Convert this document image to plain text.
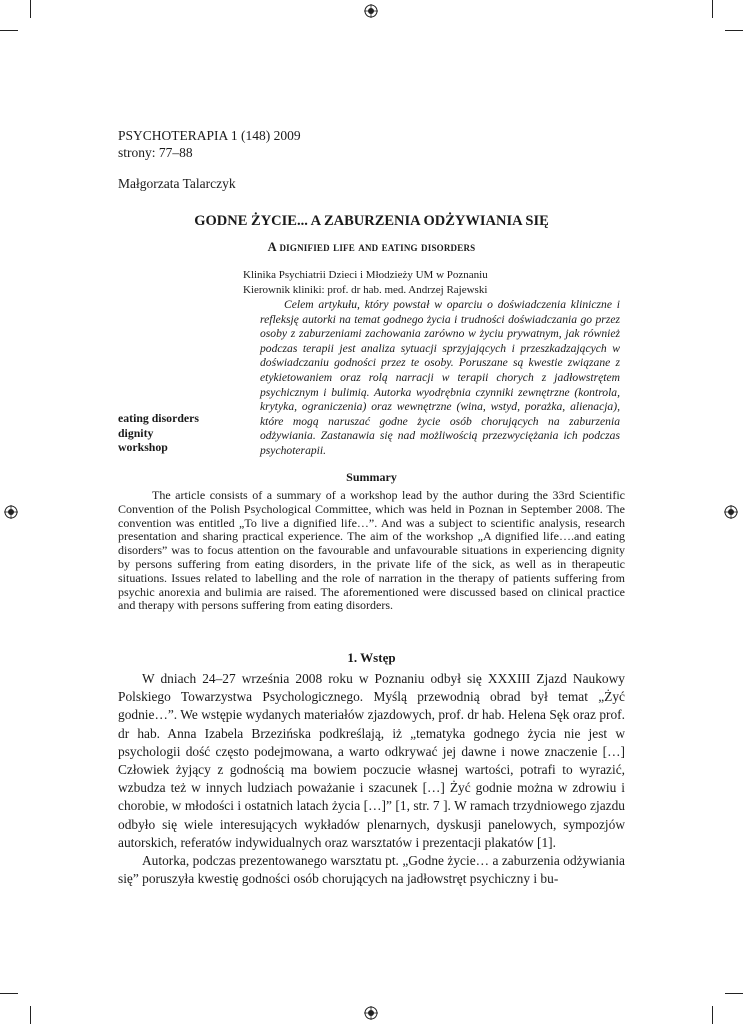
PSYCHOTERAPIA 1 (148) 2009
strony: 77–88
Małgorzata Talarczyk
GODNE ŻYCIE... A ZABURZENIA ODŻYWIANIA SIĘ
A dignified life and eating disorders
Klinika Psychiatrii Dzieci i Młodzieży UM w Poznaniu
Kierownik kliniki: prof. dr hab. med. Andrzej Rajewski
Celem artykułu, który powstał w oparciu o doświadczenia kliniczne i refleksję autorki na temat godnego życia i trudności doświadczania go przez osoby z zaburzeniami zachowania zarówno w życiu prywatnym, jak również podczas terapii jest analiza sytuacji sprzyjających i przeszkadzających w doświadczaniu godności przez te osoby. Poruszane są kwestie związane z etykietowaniem oraz rolą narracji w terapii chorych z jadłowstrętem psychicznym i bulimią. Autorka wyodrębnia czynniki zewnętrzne (kontrola, krytyka, ograniczenia) oraz wewnętrzne (wina, wstyd, porażka, alienacja), które mogą naruszać godne życie osób chorujących na zaburzenia odżywiania. Zastanawia się nad możliwością przezwyciężania ich podczas psychoterapii.
eating disorders
dignity
workshop
Summary
The article consists of a summary of a workshop lead by the author during the 33rd Scientific Convention of the Polish Psychological Committee, which was held in Poznan in September 2008. The convention was entitled „To live a dignified life…”. And was a subject to scientific analysis, research presentation and sharing practical experience. The aim of the workshop „A dignified life….and eating disorders” was to focus attention on the favourable and unfavourable situations in experiencing dignity by persons suffering from eating disorders, in the private life of the sick, as well as in therapeutic situations. Issues related to labelling and the role of narration in the therapy of patients suffering from psychic anorexia and bulimia are raised. The aforementioned were discussed based on clinical practice and therapy with persons suffering from eating disorders.
1. Wstęp

W dniach 24–27 września 2008 roku w Poznaniu odbył się XXXIII Zjazd Naukowy Polskiego Towarzystwa Psychologicznego. Myślą przewodnią obrad był temat „Żyć godnie…”. We wstępie wydanych materiałów zjazdowych, prof. dr hab. Helena Sęk oraz prof. dr hab. Anna Izabela Brzezińska podkreślają, iż „tematyka godnego życia nie jest w psychologii dość często podejmowana, a warto odkrywać jej dawne i nowe znaczenie […] Człowiek żyjący z godnością ma bowiem poczucie własnej wartości, potrafi to wyrazić, wzbudza też w innych ludziach poważanie i szacunek […] Żyć godnie można w zdrowiu i chorobie, w młodości i ostatnich latach życia […]” [1, str. 7 ]. W ramach trzydniowego zjazdu odbyło się wiele interesujących wykładów plenarnych, dyskusji panelowych, sympozjów autorskich, referatów indywidualnych oraz warsztatów i prezentacji plakatów [1].

Autorka, podczas prezentowanego warsztatu pt. „Godne życie… a zaburzenia odżywiania się” poruszyła kwestię godności osób chorujących na jadłowstręt psychiczny i bu-
